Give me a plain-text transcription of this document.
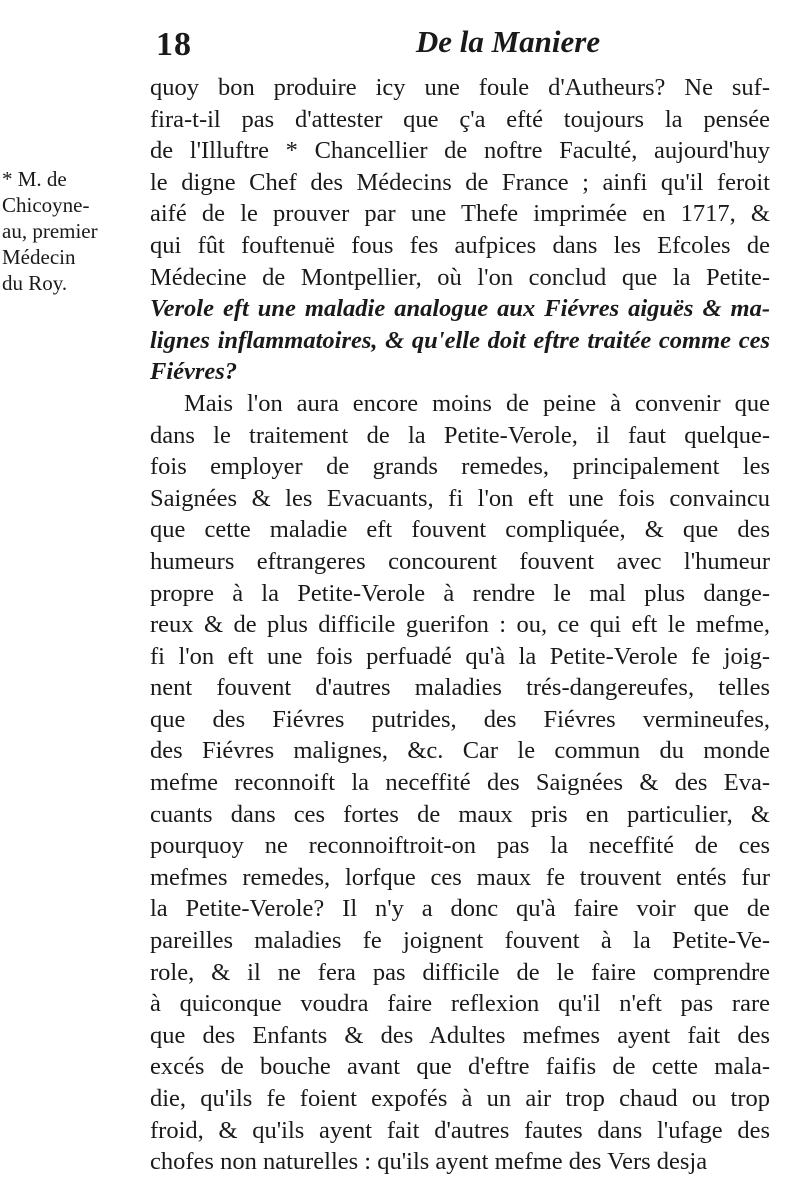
18	De la Maniere
* M. de
Chicoyne-
au, premier
Médecin
du Roy.
quoy bon produire icy une foule d'Autheurs? Ne suf-
fira-t-il pas d'attester que ç'a efté toujours la pensée
de l'Illuftre * Chancellier de noftre Faculté, aujourd'huy
le digne Chef des Médecins de France ; ainfi qu'il feroit
aifé de le prouver par une Thefe imprimée en 1717, &
qui fût fouftenuë fous fes aufpices dans les Efcoles de
Médecine de Montpellier, où l'on conclud que la Petite-
Verole eft une maladie analogue aux Fiévres aiguës & ma-
lignes inflammatoires, & qu'elle doit eftre traitée comme ces
Fiévres?
Mais l'on aura encore moins de peine à convenir que
dans le traitement de la Petite-Verole, il faut quelque-
fois employer de grands remedes, principalement les
Saignées & les Evacuants, fi l'on eft une fois convaincu
que cette maladie eft fouvent compliquée, & que des
humeurs eftrangeres concourent fouvent avec l'humeur
propre à la Petite-Verole à rendre le mal plus dange-
reux & de plus difficile guerifon : ou, ce qui eft le mefme,
fi l'on eft une fois perfuadé qu'à la Petite-Verole fe joig-
nent fouvent d'autres maladies trés-dangereufes, telles
que des Fiévres putrides, des Fiévres vermineufes,
des Fiévres malignes, &c. Car le commun du monde
mefme reconnoift la neceffité des Saignées & des Eva-
cuants dans ces fortes de maux pris en particulier, &
pourquoy ne reconnoiftroit-on pas la neceffité de ces
mefmes remedes, lorfque ces maux fe trouvent entés fur
la Petite-Verole? Il n'y a donc qu'à faire voir que de
pareilles maladies fe joignent fouvent à la Petite-Ve-
role, & il ne fera pas difficile de le faire comprendre
à quiconque voudra faire reflexion qu'il n'eft pas rare
que des Enfants & des Adultes mefmes ayent fait des
excés de bouche avant que d'eftre faifis de cette mala-
die, qu'ils fe foient expofés à un air trop chaud ou trop
froid, & qu'ils ayent fait d'autres fautes dans l'ufage des
chofes non naturelles : qu'ils ayent mefme des Vers desja
